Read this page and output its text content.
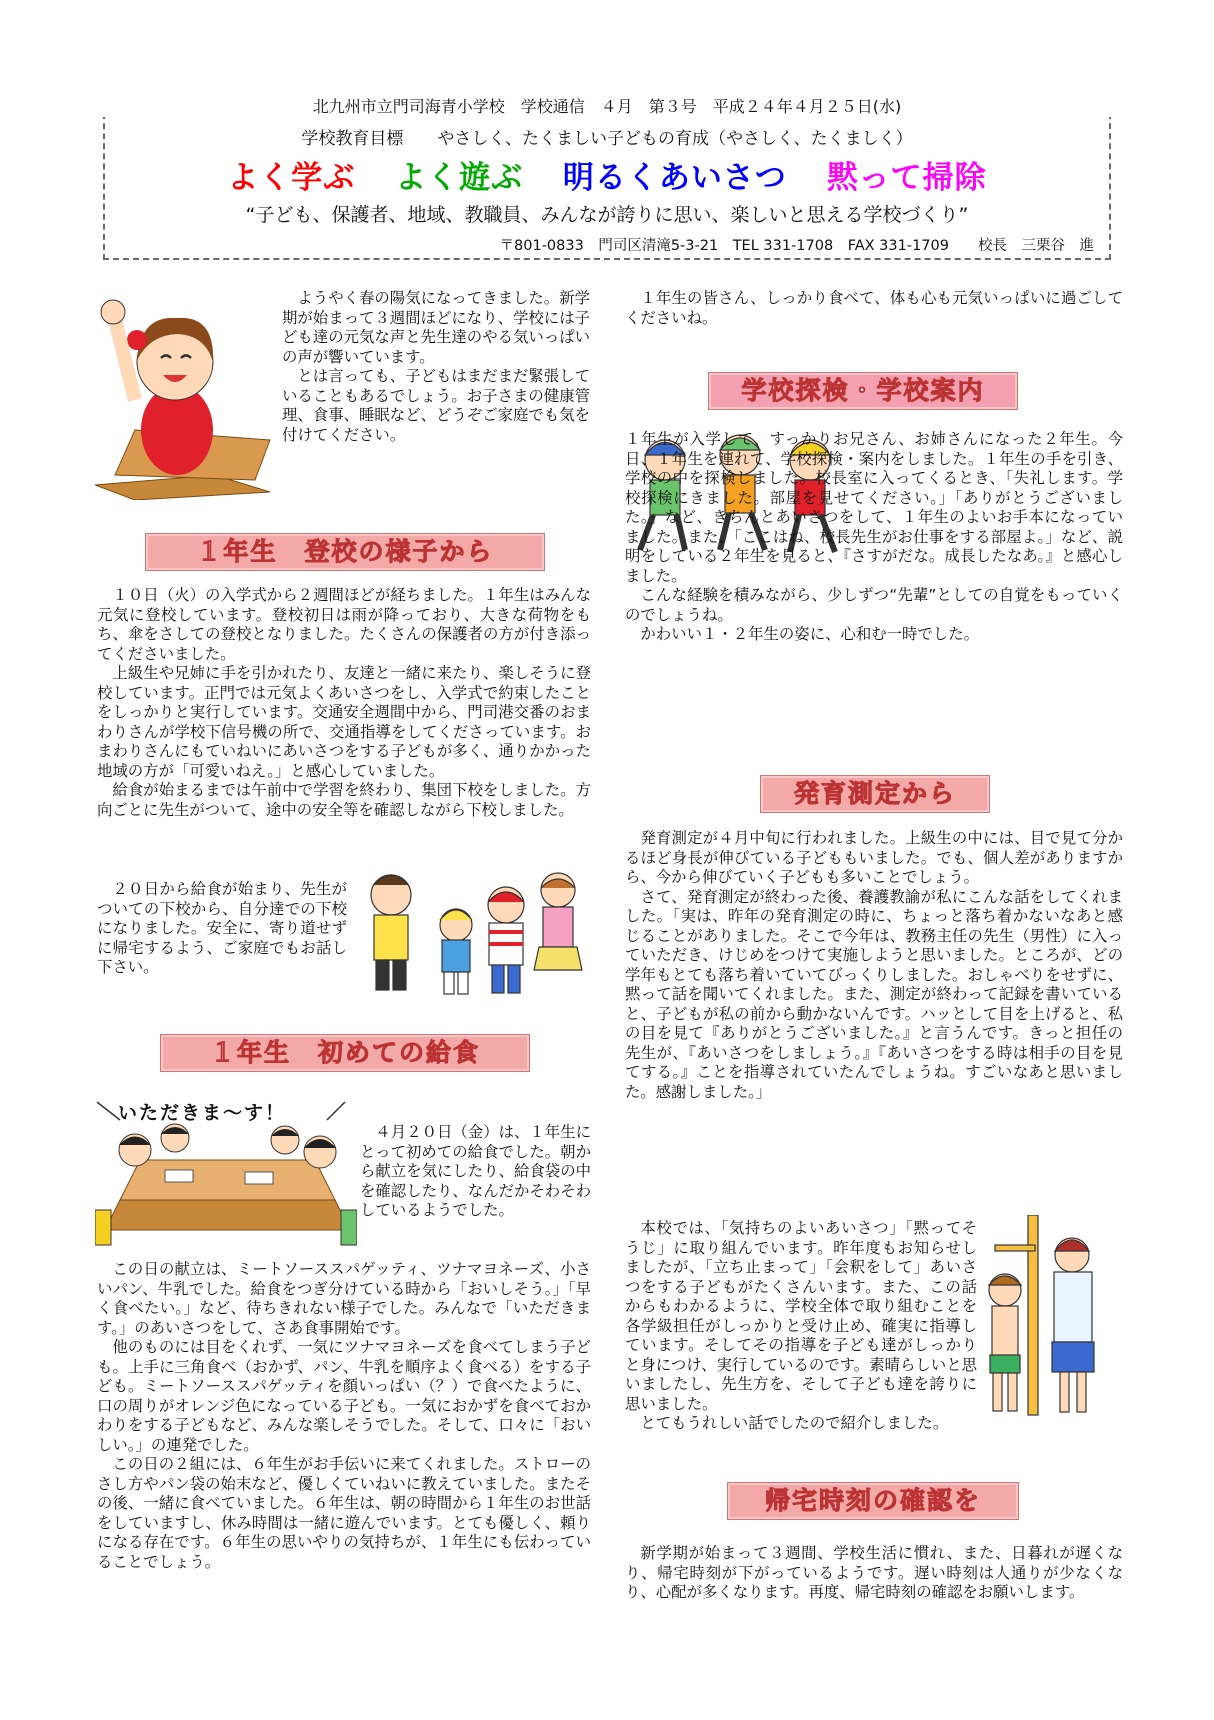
北九州市立門司海青小学校　学校通信　４月　第３号　平成２４年４月２５日(水)
学校教育目標　　やさしく、たくましい子どもの育成（やさしく、たくましく）
よく学ぶ よく遊ぶ 明るくあいさつ 黙って掃除
“子ども、保護者、地域、教職員、みんなが誇りに思い、楽しいと思える学校づくり”
〒801-0833　門司区清滝5-3-21　TEL 331-1708　FAX 331-1709　　校長　三栗谷　進

ようやく春の陽気になってきました。新学期が始まって３週間ほどになり、学校には子ども達の元気な声と先生達のやる気いっぱいの声が響いています。

とは言っても、子どもはまだまだ緊張していることもあるでしょう。お子さまの健康管理、食事、睡眠など、どうぞご家庭でも気を付けてください。

１年生　登校の様子から

１０日（火）の入学式から２週間ほどが経ちました。１年生はみんな元気に登校しています。登校初日は雨が降っており、大きな荷物をもち、傘をさしての登校となりました。たくさんの保護者の方が付き添ってくださいました。

上級生や兄姉に手を引かれたり、友達と一緒に来たり、楽しそうに登校しています。正門では元気よくあいさつをし、入学式で約束したことをしっかりと実行しています。交通安全週間中から、門司港交番のおまわりさんが学校下信号機の所で、交通指導をしてくださっています。おまわりさんにもていねいにあいさつをする子どもが多く、通りかかった地域の方が「可愛いねえ。」と感心していました。

給食が始まるまでは午前中で学習を終わり、集団下校をしました。方向ごとに先生がついて、途中の安全等を確認しながら下校しました。

２０日から給食が始まり、先生がついての下校から、自分達での下校になりました。安全に、寄り道せずに帰宅するよう、ご家庭でもお話し下さい。

１年生　初めての給食
いただきま～す！

４月２０日（金）は、１年生にとって初めての給食でした。朝から献立を気にしたり、給食袋の中を確認したり、なんだかそわそわしているようでした。

この日の献立は、ミートソーススパゲッティ、ツナマヨネーズ、小さいパン、牛乳でした。給食をつぎ分けている時から「おいしそう。」「早く食べたい。」など、待ちきれない様子でした。みんなで「いただきます。」のあいさつをして、さあ食事開始です。

他のものには目をくれず、一気にツナマヨネーズを食べてしまう子ども。上手に三角食べ（おかず、パン、牛乳を順序よく食べる）をする子ども。ミートソーススパゲッティを顔いっぱい（？）で食べたように、口の周りがオレンジ色になっている子ども。一気におかずを食べておかわりをする子どもなど、みんな楽しそうでした。そして、口々に「おいしい。」の連発でした。

この日の２組には、６年生がお手伝いに来てくれました。ストローのさし方やパン袋の始末など、優しくていねいに教えていました。またその後、一緒に食べていました。６年生は、朝の時間から１年生のお世話をしていますし、休み時間は一緒に遊んでいます。とても優しく、頼りになる存在です。６年生の思いやりの気持ちが、１年生にも伝わっていることでしょう。

１年生の皆さん、しっかり食べて、体も心も元気いっぱいに過ごしてくださいね。

学校探検・学校案内

１年生が入学して、すっかりお兄さん、お姉さんになった２年生。今日、１年生を連れて、学校探検・案内をしました。１年生の手を引き、学校の中を探検しました。校長室に入ってくるとき、「失礼します。学校探検にきました。部屋を見せてください。」「ありがとうございました。」など、きちんとあいさつをして、１年生のよいお手本になっていました。また、「ここはね、校長先生がお仕事をする部屋よ。」など、説明をしている２年生を見ると、『さすがだな。成長したなあ。』と感心しました。

こんな経験を積みながら、少しずつ“先輩”としての自覚をもっていくのでしょうね。

かわいい１・２年生の姿に、心和む一時でした。

発育測定から

発育測定が４月中旬に行われました。上級生の中には、目で見て分かるほど身長が伸びている子どももいました。でも、個人差がありますから、今から伸びていく子どもも多いことでしょう。

さて、発育測定が終わった後、養護教諭が私にこんな話をしてくれました。「実は、昨年の発育測定の時に、ちょっと落ち着かないなあと感じることがありました。そこで今年は、教務主任の先生（男性）に入っていただき、けじめをつけて実施しようと思いました。ところが、どの学年もとても落ち着いていてびっくりしました。おしゃべりをせずに、黙って話を聞いてくれました。また、測定が終わって記録を書いていると、子どもが私の前から動かないんです。ハッとして目を上げると、私の目を見て『ありがとうございました。』と言うんです。きっと担任の先生が、『あいさつをしましょう。』『あいさつをする時は相手の目を見てする。』ことを指導されていたんでしょうね。すごいなあと思いました。感謝しました。」

本校では、「気持ちのよいあいさつ」「黙ってそうじ」に取り組んでいます。昨年度もお知らせしましたが、「立ち止まって」「会釈をして」あいさつをする子どもがたくさんいます。また、この話からもわかるように、学校全体で取り組むことを各学級担任がしっかりと受け止め、確実に指導しています。そしてその指導を子ども達がしっかりと身につけ、実行しているのです。素晴らしいと思いましたし、先生方を、そして子ども達を誇りに思いました。

とてもうれしい話でしたので紹介しました。

帰宅時刻の確認を

新学期が始まって３週間、学校生活に慣れ、また、日暮れが遅くなり、帰宅時刻が下がっているようです。遅い時刻は人通りが少なくなり、心配が多くなります。再度、帰宅時刻の確認をお願いします。
